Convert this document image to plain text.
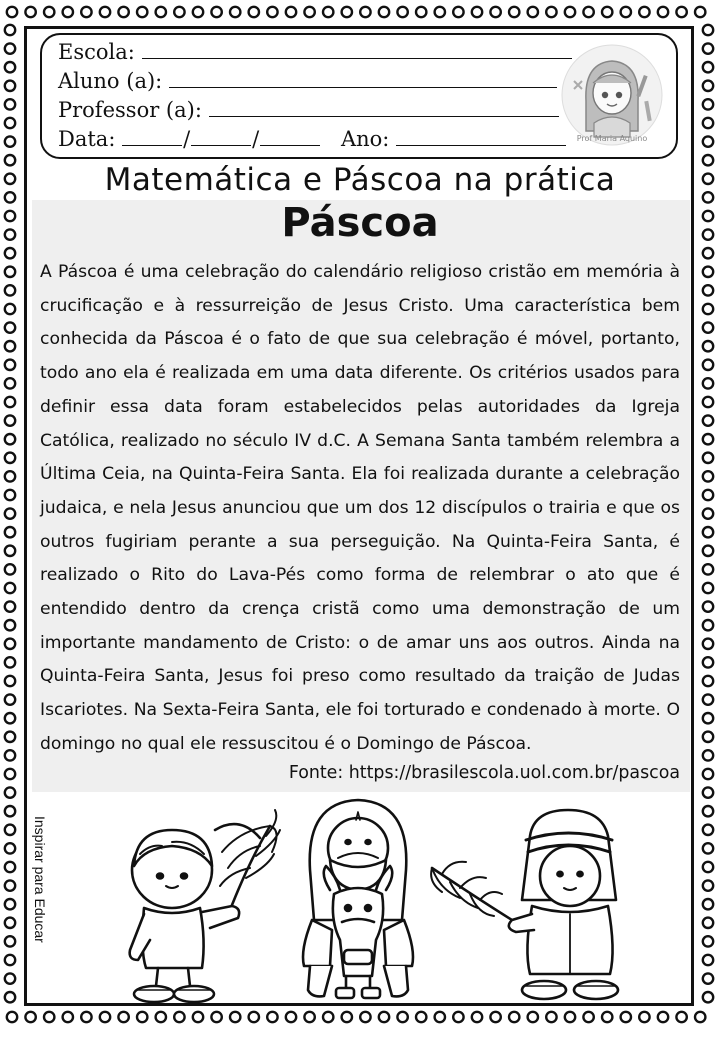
Escola:
Aluno (a):
Professor (a):
Data:	/	/	Ano:	Prof Maria Aquino
Matemática e Páscoa na prática
Páscoa
A Páscoa é uma celebração do calendário religioso cristão em memória à crucificação e à ressurreição de Jesus Cristo. Uma característica bem conhecida da Páscoa é o fato de que sua celebração é móvel, portanto, todo ano ela é realizada em uma data diferente. Os critérios usados para definir essa data foram estabelecidos pelas autoridades da Igreja Católica, realizado no século IV d.C. A Semana Santa também relembra a Última Ceia, na Quinta-Feira Santa. Ela foi realizada durante a celebração judaica, e nela Jesus anunciou que um dos 12 discípulos o trairia e que os outros fugiriam perante a sua perseguição. Na Quinta-Feira Santa, é realizado o Rito do Lava-Pés como forma de relembrar o ato que é entendido dentro da crença cristã como uma demonstração de um importante mandamento de Cristo: o de amar uns aos outros. Ainda na Quinta-Feira Santa, Jesus foi preso como resultado da traição de Judas Iscariotes. Na Sexta-Feira Santa, ele foi torturado e condenado à morte. O domingo no qual ele ressuscitou é o Domingo de Páscoa.
Fonte: https://brasilescola.uol.com.br/pascoa
Inspirar para Educar
